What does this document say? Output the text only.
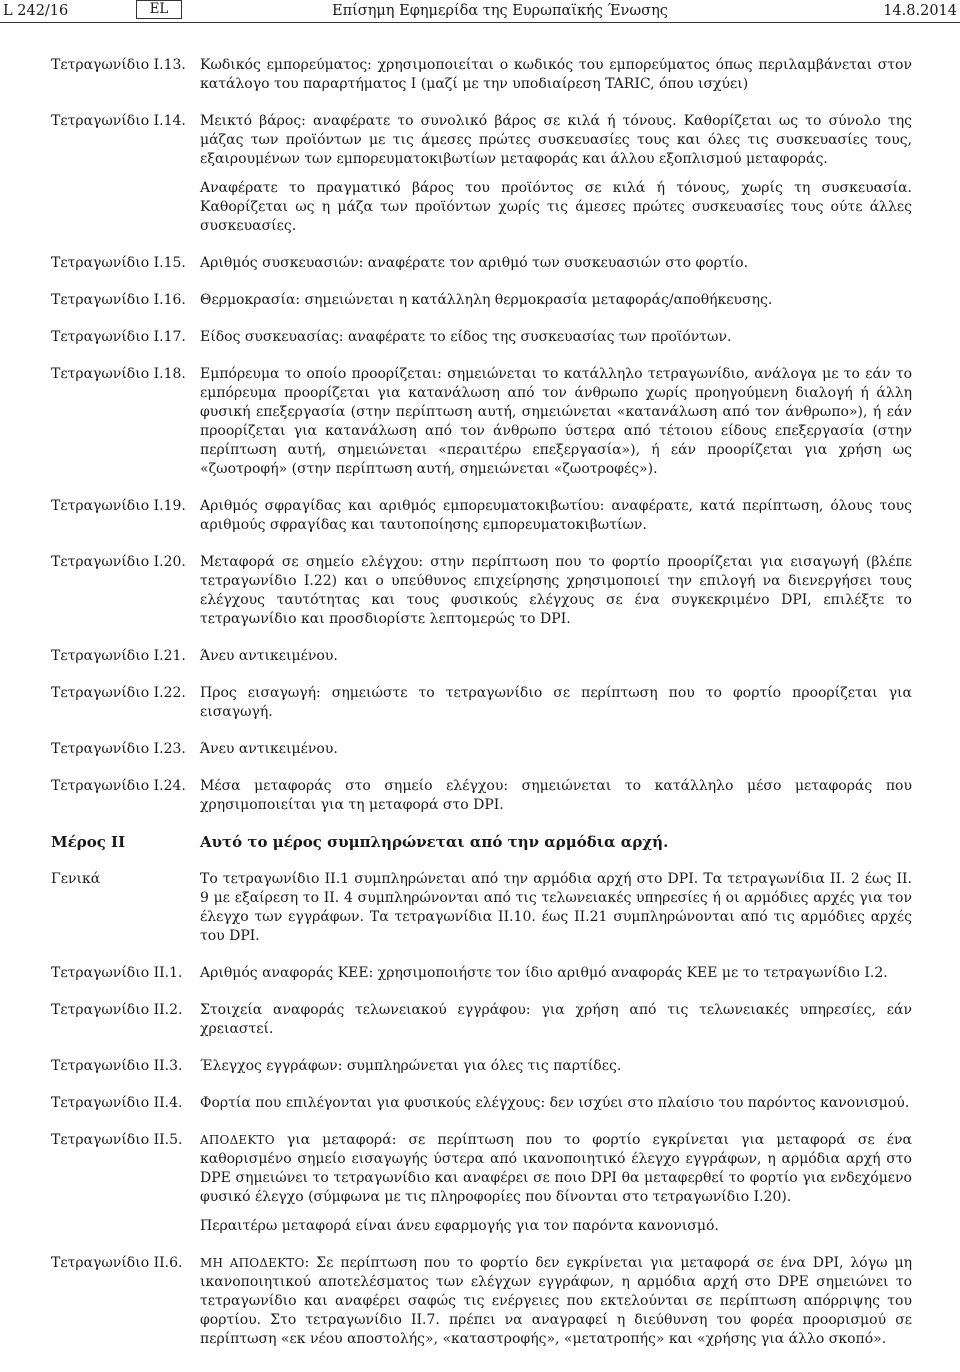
L 242/16	EL	Επίσημη Εφημερίδα της Ευρωπαϊκής Ένωσης	14.8.2014
Τετραγωνίδιο I.13.	Κωδικός εμπορεύματος: χρησιμοποιείται ο κωδικός του εμπορεύματος όπως περιλαμβάνεται στον κατάλογο του παραρτήματος I (μαζί με την υποδιαίρεση TARIC, όπου ισχύει)

Τετραγωνίδιο I.14.	Μεικτό βάρος: αναφέρατε το συνολικό βάρος σε κιλά ή τόνους. Καθορίζεται ως το σύνολο της μάζας των προϊόντων με τις άμεσες πρώτες συσκευασίες τους και όλες τις συσκευασίες τους, εξαιρουμένων των εμπορευματοκιβωτίων μεταφοράς και άλλου εξοπλισμού μεταφοράς.

Αναφέρατε το πραγματικό βάρος του προϊόντος σε κιλά ή τόνους, χωρίς τη συσκευασία. Καθορίζεται ως η μάζα των προϊόντων χωρίς τις άμεσες πρώτες συσκευασίες τους ούτε άλλες συσκευασίες.

Τετραγωνίδιο I.15.	Αριθμός συσκευασιών: αναφέρατε τον αριθμό των συσκευασιών στο φορτίο.

Τετραγωνίδιο I.16.	Θερμοκρασία: σημειώνεται η κατάλληλη θερμοκρασία μεταφοράς/αποθήκευσης.

Τετραγωνίδιο I.17.	Είδος συσκευασίας: αναφέρατε το είδος της συσκευασίας των προϊόντων.

Τετραγωνίδιο I.18.	Εμπόρευμα το οποίο προορίζεται: σημειώνεται το κατάλληλο τετραγωνίδιο, ανάλογα με το εάν το εμπόρευμα προορίζεται για κατανάλωση από τον άνθρωπο χωρίς προηγούμενη διαλογή ή άλλη φυσική επεξεργασία (στην περίπτωση αυτή, σημειώνεται «κατανάλωση από τον άνθρωπο»), ή εάν προορίζεται για κατανάλωση από τον άνθρωπο ύστερα από τέτοιου είδους επεξεργασία (στην περίπτωση αυτή, σημειώνεται «περαιτέρω επεξεργασία»), ή εάν προορίζεται για χρήση ως «ζωοτροφή» (στην περίπτωση αυτή, σημειώνεται «ζωοτροφές»).

Τετραγωνίδιο I.19.	Αριθμός σφραγίδας και αριθμός εμπορευματοκιβωτίου: αναφέρατε, κατά περίπτωση, όλους τους αριθμούς σφραγίδας και ταυτοποίησης εμπορευματοκιβωτίων.

Τετραγωνίδιο I.20.	Μεταφορά σε σημείο ελέγχου: στην περίπτωση που το φορτίο προορίζεται για εισαγωγή (βλέπε τετραγωνίδιο I.22) και ο υπεύθυνος επιχείρησης χρησιμοποιεί την επιλογή να διενεργήσει τους ελέγχους ταυτότητας και τους φυσικούς ελέγχους σε ένα συγκεκριμένο DPI, επιλέξτε το τετραγωνίδιο και προσδιορίστε λεπτομερώς το DPI.

Τετραγωνίδιο I.21.	Άνευ αντικειμένου.

Τετραγωνίδιο I.22.	Προς εισαγωγή: σημειώστε το τετραγωνίδιο σε περίπτωση που το φορτίο προορίζεται για εισαγωγή.

Τετραγωνίδιο I.23.	Άνευ αντικειμένου.

Τετραγωνίδιο I.24.	Μέσα μεταφοράς στο σημείο ελέγχου: σημειώνεται το κατάλληλο μέσο μεταφοράς που χρησιμοποιείται για τη μεταφορά στο DPI.

Μέρος II	Αυτό το μέρος συμπληρώνεται από την αρμόδια αρχή.

Γενικά	Το τετραγωνίδιο II.1 συμπληρώνεται από την αρμόδια αρχή στο DPI. Τα τετραγωνίδια II. 2 έως II. 9 με εξαίρεση το II. 4 συμπληρώνονται από τις τελωνειακές υπηρεσίες ή οι αρμόδιες αρχές για τον έλεγχο των εγγράφων. Τα τετραγωνίδια II.10. έως II.21 συμπληρώνονται από τις αρμόδιες αρχές του DPI.

Τετραγωνίδιο II.1.	Αριθμός αναφοράς ΚΕΕ: χρησιμοποιήστε τον ίδιο αριθμό αναφοράς ΚΕΕ με το τετραγωνίδιο I.2.

Τετραγωνίδιο II.2.	Στοιχεία αναφοράς τελωνειακού εγγράφου: για χρήση από τις τελωνειακές υπηρεσίες, εάν χρειαστεί.

Τετραγωνίδιο II.3.	Έλεγχος εγγράφων: συμπληρώνεται για όλες τις παρτίδες.

Τετραγωνίδιο II.4.	Φορτία που επιλέγονται για φυσικούς ελέγχους: δεν ισχύει στο πλαίσιο του παρόντος κανονισμού.

Τετραγωνίδιο II.5.	ΑΠΟΔΕΚΤΟ για μεταφορά: σε περίπτωση που το φορτίο εγκρίνεται για μεταφορά σε ένα καθορισμένο σημείο εισαγωγής ύστερα από ικανοποιητικό έλεγχο εγγράφων, η αρμόδια αρχή στο DPE σημειώνει το τετραγωνίδιο και αναφέρει σε ποιο DPI θα μεταφερθεί το φορτίο για ενδεχόμενο φυσικό έλεγχο (σύμφωνα με τις πληροφορίες που δίνονται στο τετραγωνίδιο I.20).

Περαιτέρω μεταφορά είναι άνευ εφαρμογής για τον παρόντα κανονισμό.

Τετραγωνίδιο II.6.	ΜΗ ΑΠΟΔΕΚΤΟ: Σε περίπτωση που το φορτίο δεν εγκρίνεται για μεταφορά σε ένα DPI, λόγω μη ικανοποιητικού αποτελέσματος των ελέγχων εγγράφων, η αρμόδια αρχή στο DPE σημειώνει το τετραγωνίδιο και αναφέρει σαφώς τις ενέργειες που εκτελούνται σε περίπτωση απόρριψης του φορτίου. Στο τετραγωνίδιο II.7. πρέπει να αναγραφεί η διεύθυνση του φορέα προορισμού σε περίπτωση «εκ νέου αποστολής», «καταστροφής», «μετατροπής» και «χρήσης για άλλο σκοπό».
